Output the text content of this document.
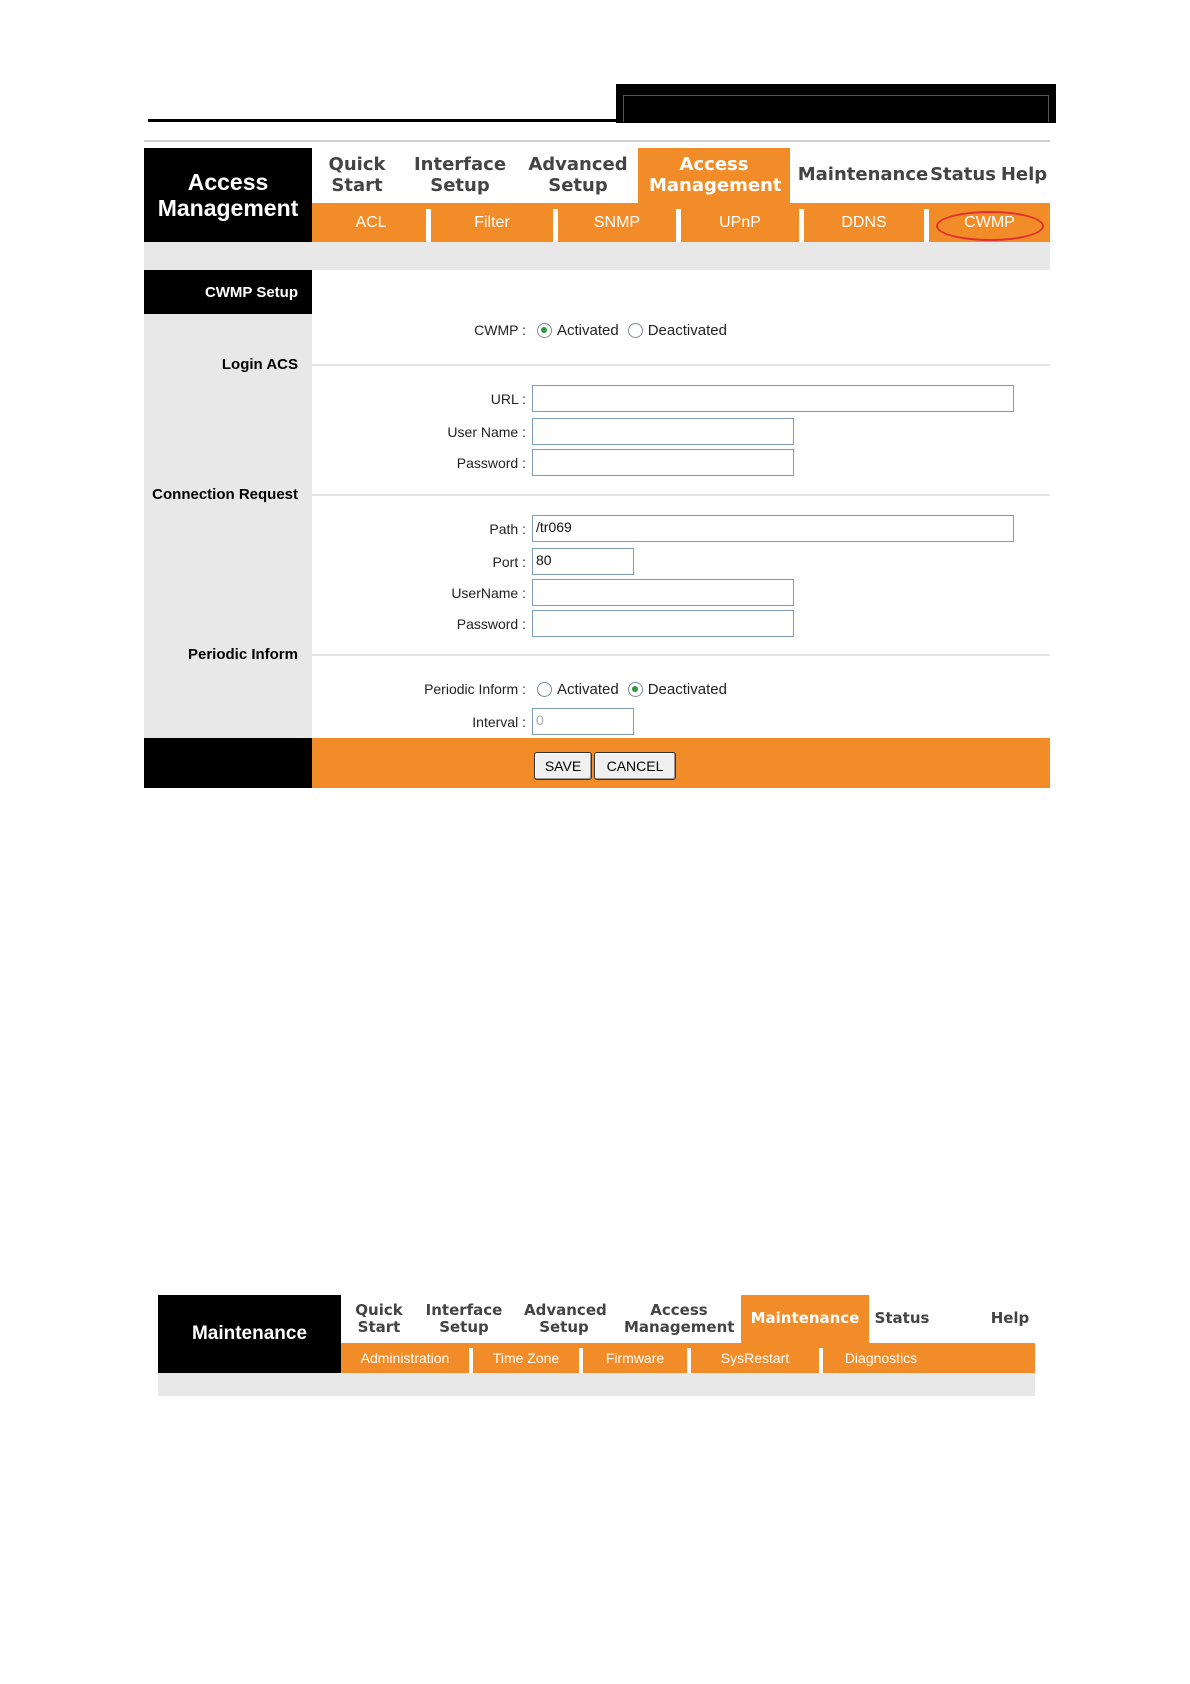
Access Management
Quick Start
Interface Setup
Advanced Setup
Access Management Maintenance Status Help
ACL	Filter	SNMP	UPnP	DDNS	CWMP
CWMP Setup
Login ACS
Connection Request
Periodic Inform
CWMP : Activated Deactivated
URL :
User Name :
Password :
Path : /tr069
Port : 80
UserName :
Password :
Periodic Inform : Activated Deactivated
Interval : 0
SAVE	CANCEL
Maintenance
Quick Start
Interface Setup
Advanced Setup
Access Management Maintenance Status	Help
Administration	Time Zone	Firmware	SysRestart	Diagnostics
